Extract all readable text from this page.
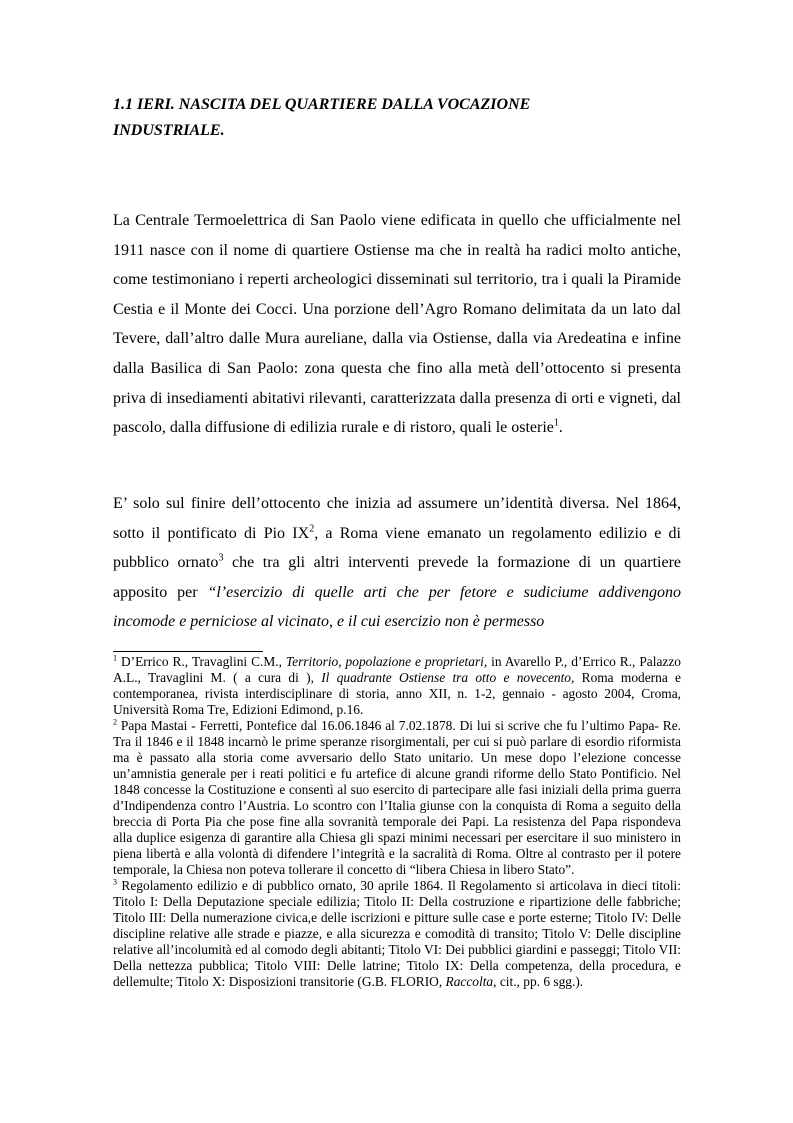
1.1 IERI. NASCITA DEL QUARTIERE DALLA VOCAZIONE
INDUSTRIALE.

La Centrale Termoelettrica di San Paolo viene edificata in quello che ufficialmente nel 1911 nasce con il nome di quartiere Ostiense ma che in realtà ha radici molto antiche, come testimoniano i reperti archeologici disseminati sul territorio, tra i quali la Piramide Cestia e il Monte dei Cocci. Una porzione dell’Agro Romano delimitata da un lato dal Tevere, dall’altro dalle Mura aureliane, dalla via Ostiense, dalla via Aredeatina e infine dalla Basilica di San Paolo: zona questa che fino alla metà dell’ottocento si presenta priva di insediamenti abitativi rilevanti, caratterizzata dalla presenza di orti e vigneti, dal pascolo, dalla diffusione di edilizia rurale e di ristoro, quali le osterie$^1$.

E’ solo sul finire dell’ottocento che inizia ad assumere un’identità diversa. Nel 1864, sotto il pontificato di Pio $IX^2$, a Roma viene emanato un regolamento edilizio e di pubblico ornato$^3$ che tra gli altri interventi prevede la formazione di un quartiere apposito per “l’esercizio di quelle arti che per fetore e sudiciume addivengono incomode e perniciose al vicinato, e il cui esercizio non è permesso

$^1$ D’Errico R., Travaglini C.M., Territorio, popolazione e proprietari, in Avarello P., d’Errico R., Palazzo A.L., Travaglini M. ( a cura di ), Il quadrante Ostiense tra otto e novecento, Roma moderna e contemporanea, rivista interdisciplinare di storia, anno XII, n. 1-2, gennaio - agosto 2004, Croma, Università Roma Tre, Edizioni Edimond, p.16.

$^2$ Papa Mastai - Ferretti, Pontefice dal 16.06.1846 al 7.02.1878. Di lui si scrive che fu l’ultimo Papa- Re. Tra il 1846 e il 1848 incarnò le prime speranze risorgimentali, per cui si può parlare di esordio riformista ma è passato alla storia come avversario dello Stato unitario. Un mese dopo l’elezione concesse un’amnistia generale per i reati politici e fu artefice di alcune grandi riforme dello Stato Pontificio. Nel 1848 concesse la Costituzione e consentì al suo esercito di partecipare alle fasi iniziali della prima guerra d’Indipendenza contro l’Austria. Lo scontro con l’Italia giunse con la conquista di Roma a seguito della breccia di Porta Pia che pose fine alla sovranità temporale dei Papi. La resistenza del Papa rispondeva alla duplice esigenza di garantire alla Chiesa gli spazi minimi necessari per esercitare il suo ministero in piena libertà e alla volontà di difendere l’integrità e la sacralità di Roma. Oltre al contrasto per il potere temporale, la Chiesa non poteva tollerare il concetto di “libera Chiesa in libero Stato”.

$^3$ Regolamento edilizio e di pubblico ornato, 30 aprile 1864. Il Regolamento si articolava in dieci titoli: Titolo I: Della Deputazione speciale edilizia; Titolo II: Della costruzione e ripartizione delle fabbriche; Titolo III: Della numerazione civica,e delle iscrizioni e pitture sulle case e porte esterne; Titolo IV: Delle discipline relative alle strade e piazze, e alla sicurezza e comodità di transito; Titolo V: Delle discipline relative all’incolumità ed al comodo degli abitanti; Titolo VI: Dei pubblici giardini e passeggi; Titolo VII: Della nettezza pubblica; Titolo VIII: Delle latrine; Titolo IX: Della competenza, della procedura, e dellemulte; Titolo X: Disposizioni transitorie (G.B. FLORIO, Raccolta, cit., pp. 6 sgg.).
